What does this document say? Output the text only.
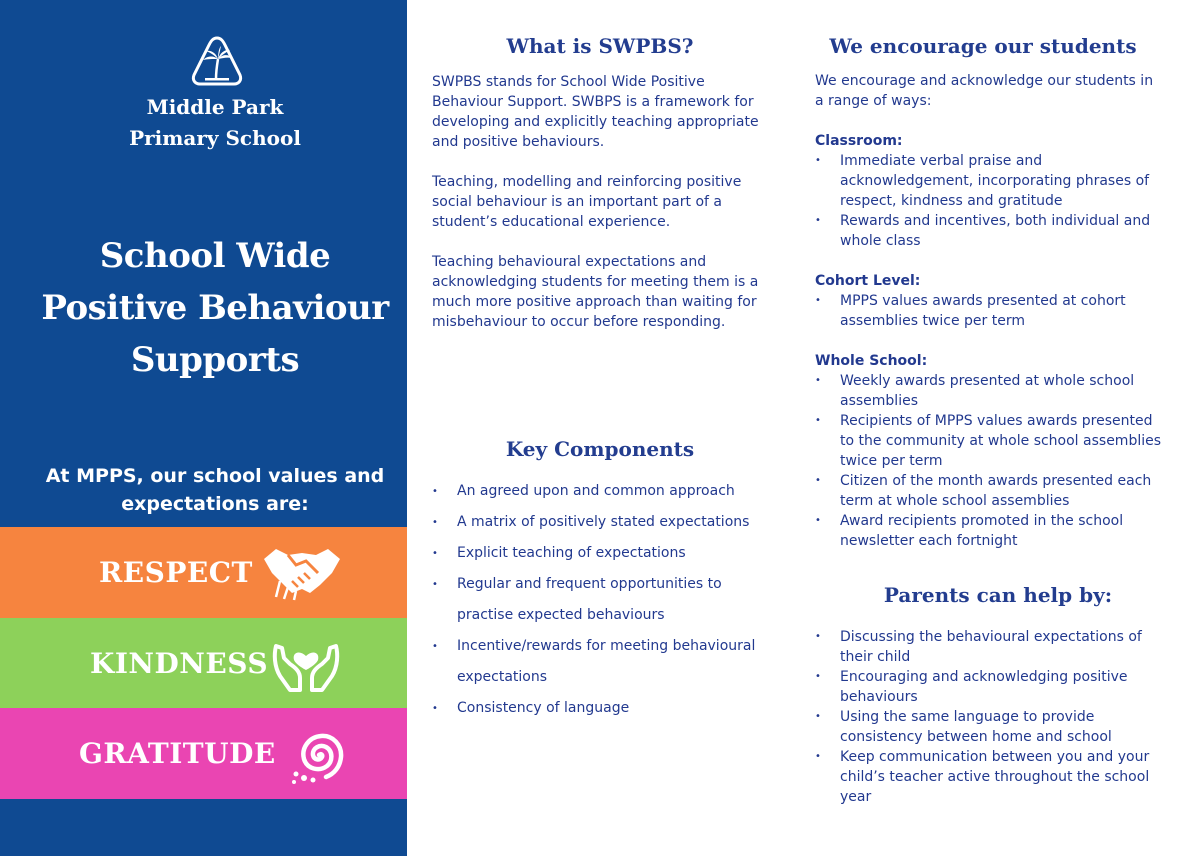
Middle Park
Primary School
School Wide
Positive Behaviour
Supports
At MPPS, our school values and
expectations are:
RESPECT
KINDNESS
GRATITUDE
What is SWPBS?

SWPBS stands for School Wide Positive Behaviour Support. SWBPS is a framework for developing and explicitly teaching appropriate and positive behaviours.

Teaching, modelling and reinforcing positive social behaviour is an important part of a student’s educational experience.

Teaching behavioural expectations and acknowledging students for meeting them is a much more positive approach than waiting for misbehaviour to occur before responding.

Key Components
• An agreed upon and common approach
• A matrix of positively stated expectations
• Explicit teaching of expectations
• Regular and frequent opportunities to practise expected behaviours
• Incentive/rewards for meeting behavioural expectations
• Consistency of language
We encourage our students
We encourage and acknowledge our students in a range of ways:
Classroom:
• Immediate verbal praise and acknowledgement, incorporating phrases of respect, kindness and gratitude
• Rewards and incentives, both individual and whole class
Cohort Level:
• MPPS values awards presented at cohort assemblies twice per term
Whole School:
• Weekly awards presented at whole school assemblies
• Recipients of MPPS values awards presented to the community at whole school assemblies twice per term
• Citizen of the month awards presented each term at whole school assemblies
• Award recipients promoted in the school newsletter each fortnight
Parents can help by:
• Discussing the behavioural expectations of their child
• Encouraging and acknowledging positive behaviours
• Using the same language to provide consistency between home and school
• Keep communication between you and your child’s teacher active throughout the school year
